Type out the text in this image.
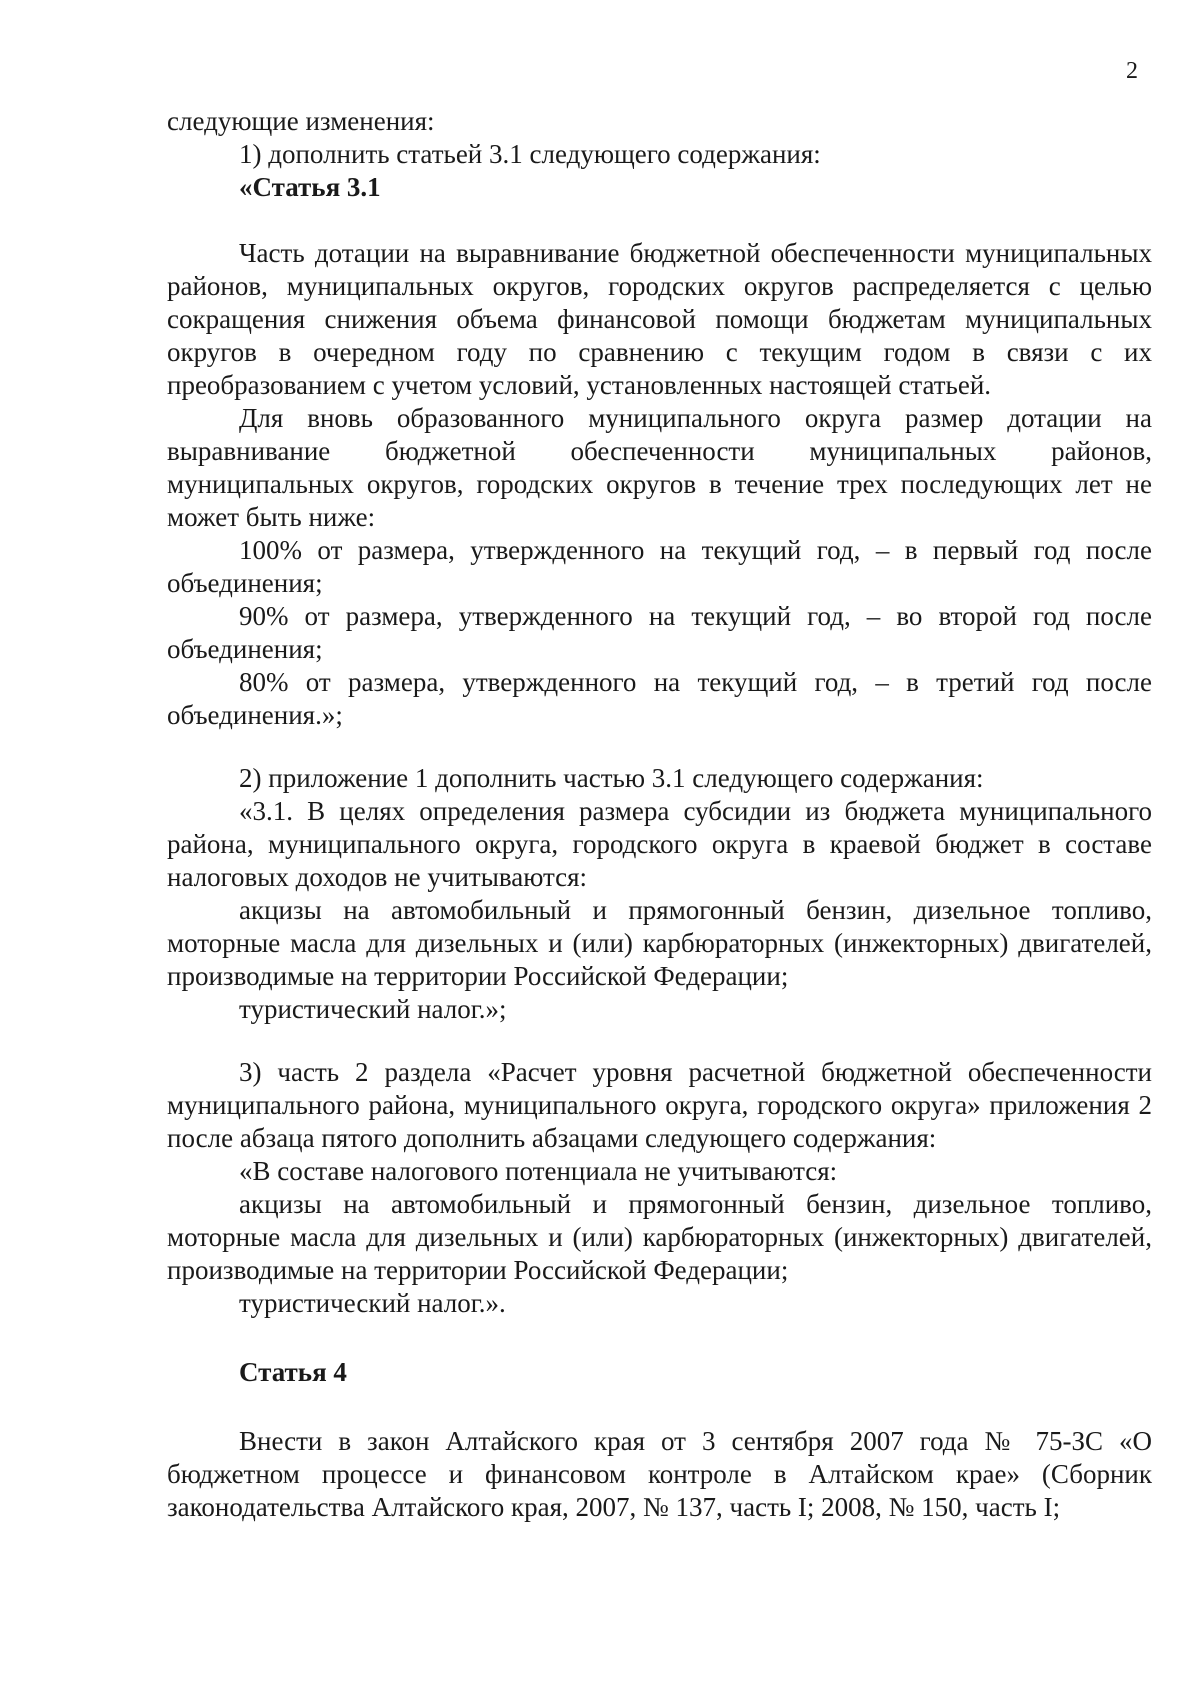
2

следующие изменения:

1) дополнить статьей 3.1 следующего содержания:

«Статья 3.1

Часть дотации на выравнивание бюджетной обеспеченности муниципальных районов, муниципальных округов, городских округов распределяется с целью сокращения снижения объема финансовой помощи бюджетам муниципальных округов в очередном году по сравнению с текущим годом в связи с их преобразованием с учетом условий, установленных настоящей статьей.

Для вновь образованного муниципального округа размер дотации на выравнивание бюджетной обеспеченности муниципальных районов, муниципальных округов, городских округов в течение трех последующих лет не может быть ниже:

100% от размера, утвержденного на текущий год, – в первый год после объединения;

90% от размера, утвержденного на текущий год, – во второй год после объединения;

80% от размера, утвержденного на текущий год, – в третий год после объединения.»;

2) приложение 1 дополнить частью 3.1 следующего содержания:

«3.1. В целях определения размера субсидии из бюджета муниципального района, муниципального округа, городского округа в краевой бюджет в составе налоговых доходов не учитываются:

акцизы на автомобильный и прямогонный бензин, дизельное топливо, моторные масла для дизельных и (или) карбюраторных (инжекторных) двигателей, производимые на территории Российской Федерации;

туристический налог.»;

3) часть 2 раздела «Расчет уровня расчетной бюджетной обеспеченности муниципального района, муниципального округа, городского округа» приложения 2 после абзаца пятого дополнить абзацами следующего содержания:

«В составе налогового потенциала не учитываются:

акцизы на автомобильный и прямогонный бензин, дизельное топливо, моторные масла для дизельных и (или) карбюраторных (инжекторных) двигателей, производимые на территории Российской Федерации;

туристический налог.».

Статья 4

Внести в закон Алтайского края от 3 сентября 2007 года № 75-ЗС «О бюджетном процессе и финансовом контроле в Алтайском крае» (Сборник законодательства Алтайского края, 2007, № 137, часть I; 2008, № 150, часть I;
